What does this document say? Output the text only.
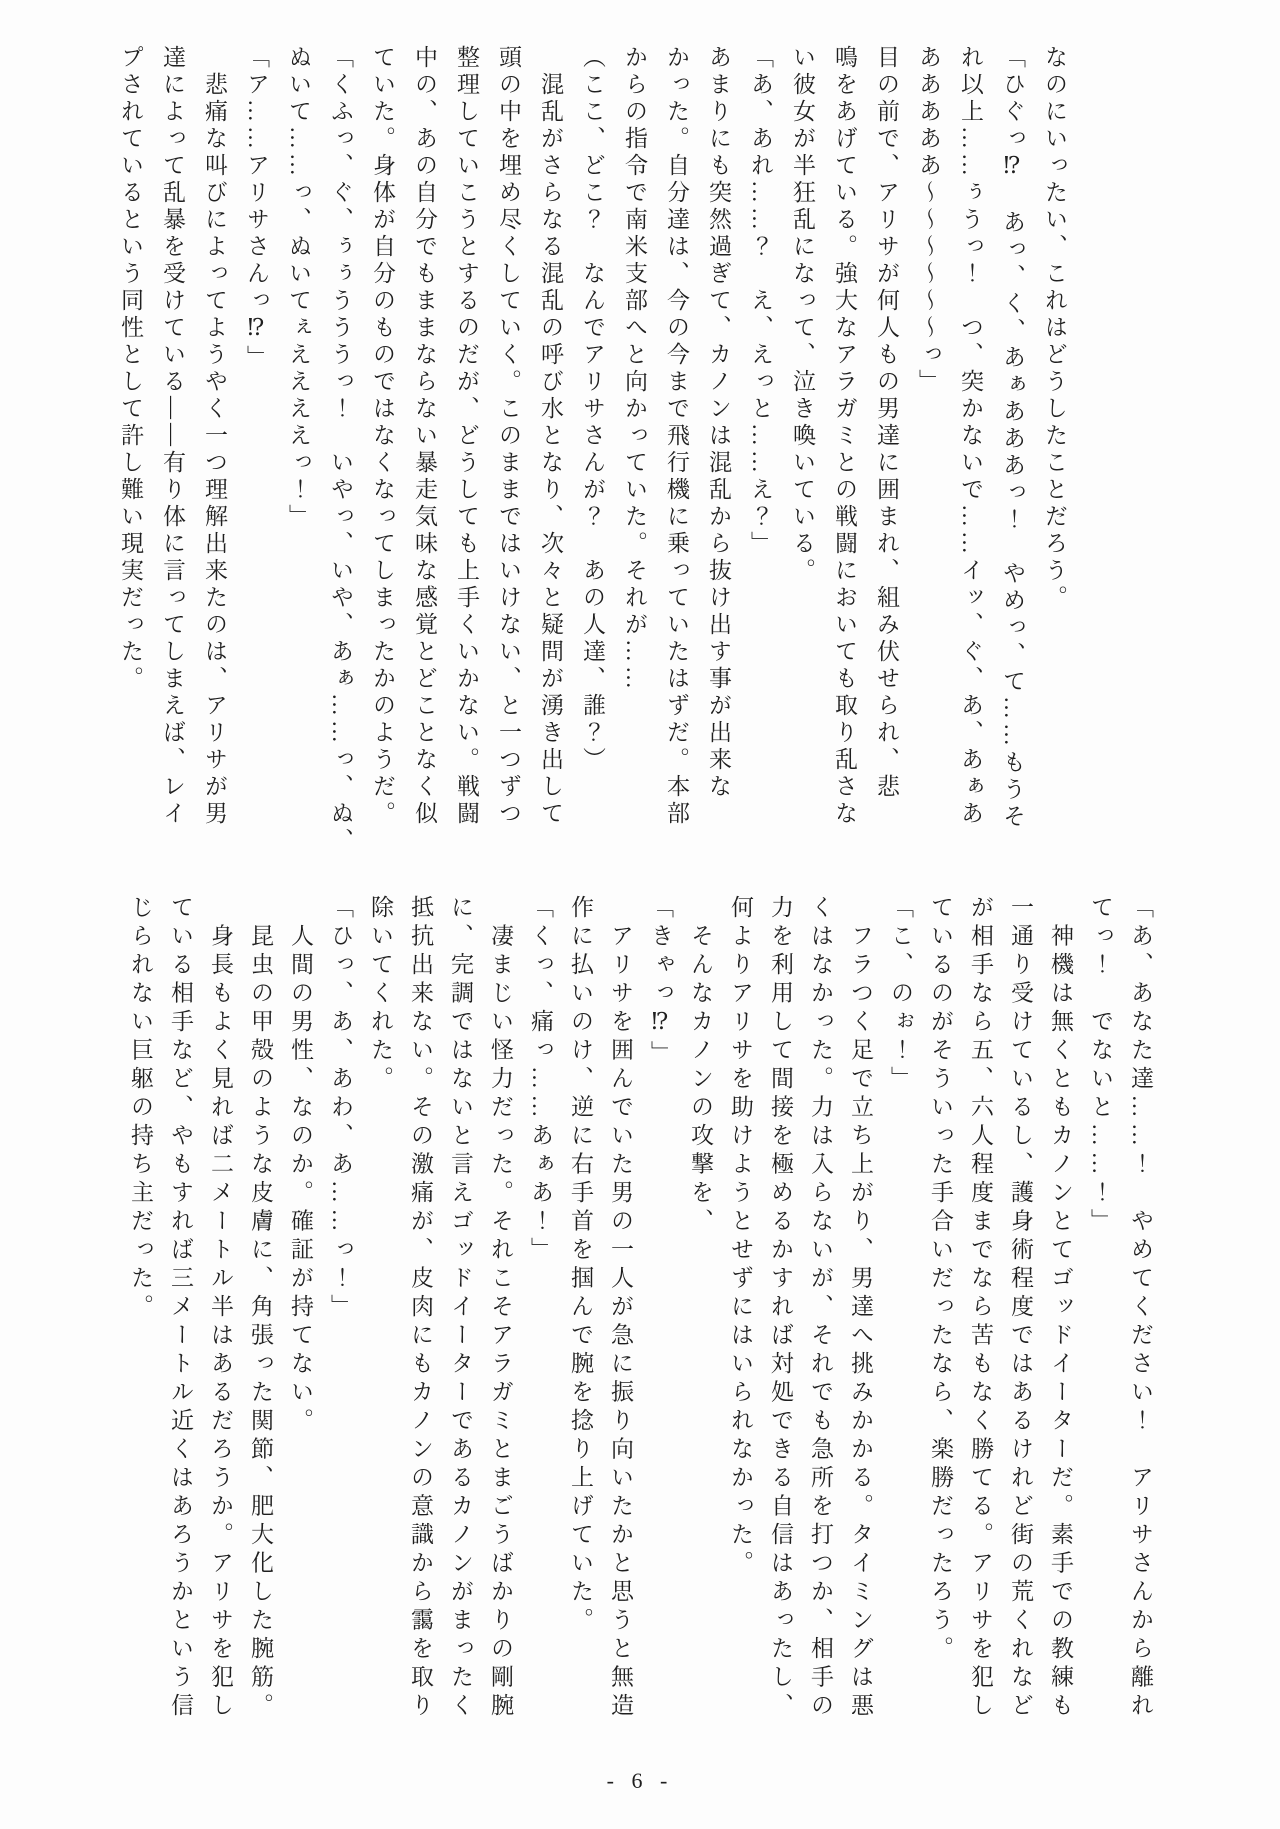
なのにいったい、これはどうしたことだろう。

「ひぐっ⁉　あっ、く、あぁあああっ！　やめっ、て……もうそ

れ以上……ぅうっ！　つ、突かないで……イッ、ぐ、あ、あぁあ

あああああ～～～～～～っ」

目の前で、アリサが何人もの男達に囲まれ、組み伏せられ、悲

鳴をあげている。強大なアラガミとの戦闘においても取り乱さな

い彼女が半狂乱になって、泣き喚いている。

「あ、あれ……？　え、えっと……え？」

あまりにも突然過ぎて、カノンは混乱から抜け出す事が出来な

かった。自分達は、今の今まで飛行機に乗っていたはずだ。本部

からの指令で南米支部へと向かっていた。それが……

（ここ、どこ？　なんでアリサさんが？　あの人達、誰？）

　混乱がさらなる混乱の呼び水となり、次々と疑問が湧き出して

頭の中を埋め尽くしていく。このままではいけない、と一つずつ

整理していこうとするのだが、どうしても上手くいかない。戦闘

中の、あの自分でもままならない暴走気味な感覚とどことなく似

ていた。身体が自分のものではなくなってしまったかのようだ。

「くふっ、ぐ、ぅぅうううっ！　いやっ、いや、あぁ……っ、ぬ、

ぬいて……っ、ぬいてぇええええっ！」

「ア……アリサさんっ⁉」

　悲痛な叫びによってようやく一つ理解出来たのは、アリサが男

達によって乱暴を受けている——有り体に言ってしまえば、レイ

プされているという同性として許し難い現実だった。

「あ、あなた達……！　やめてください！　アリサさんから離れ

てっ！　でないと……！」

　神機は無くともカノンとてゴッドイーターだ。素手での教練も

一通り受けているし、護身術程度ではあるけれど街の荒くれなど

が相手なら五、六人程度までなら苦もなく勝てる。アリサを犯し

ているのがそういった手合いだったなら、楽勝だったろう。

「こ、のぉ！」

　フラつく足で立ち上がり、男達へ挑みかかる。タイミングは悪

くはなかった。力は入らないが、それでも急所を打つか、相手の

力を利用して間接を極めるかすれば対処できる自信はあったし、

何よりアリサを助けようとせずにはいられなかった。

　そんなカノンの攻撃を、

「きゃっ⁉」

　アリサを囲んでいた男の一人が急に振り向いたかと思うと無造

作に払いのけ、逆に右手首を掴んで腕を捻り上げていた。

「くっ、痛っ……あぁあ！」

　凄まじい怪力だった。それこそアラガミとまごうばかりの剛腕

に、完調ではないと言えゴッドイーターであるカノンがまったく

抵抗出来ない。その激痛が、皮肉にもカノンの意識から靄を取り

除いてくれた。

「ひっ、あ、あわ、あ……っ！」

　人間の男性、なのか。確証が持てない。

　昆虫の甲殻のような皮膚に、角張った関節、肥大化した腕筋。

　身長もよく見れば二メートル半はあるだろうか。アリサを犯し

ている相手など、やもすれば三メートル近くはあろうかという信

じられない巨躯の持ち主だった。

- 6 -
